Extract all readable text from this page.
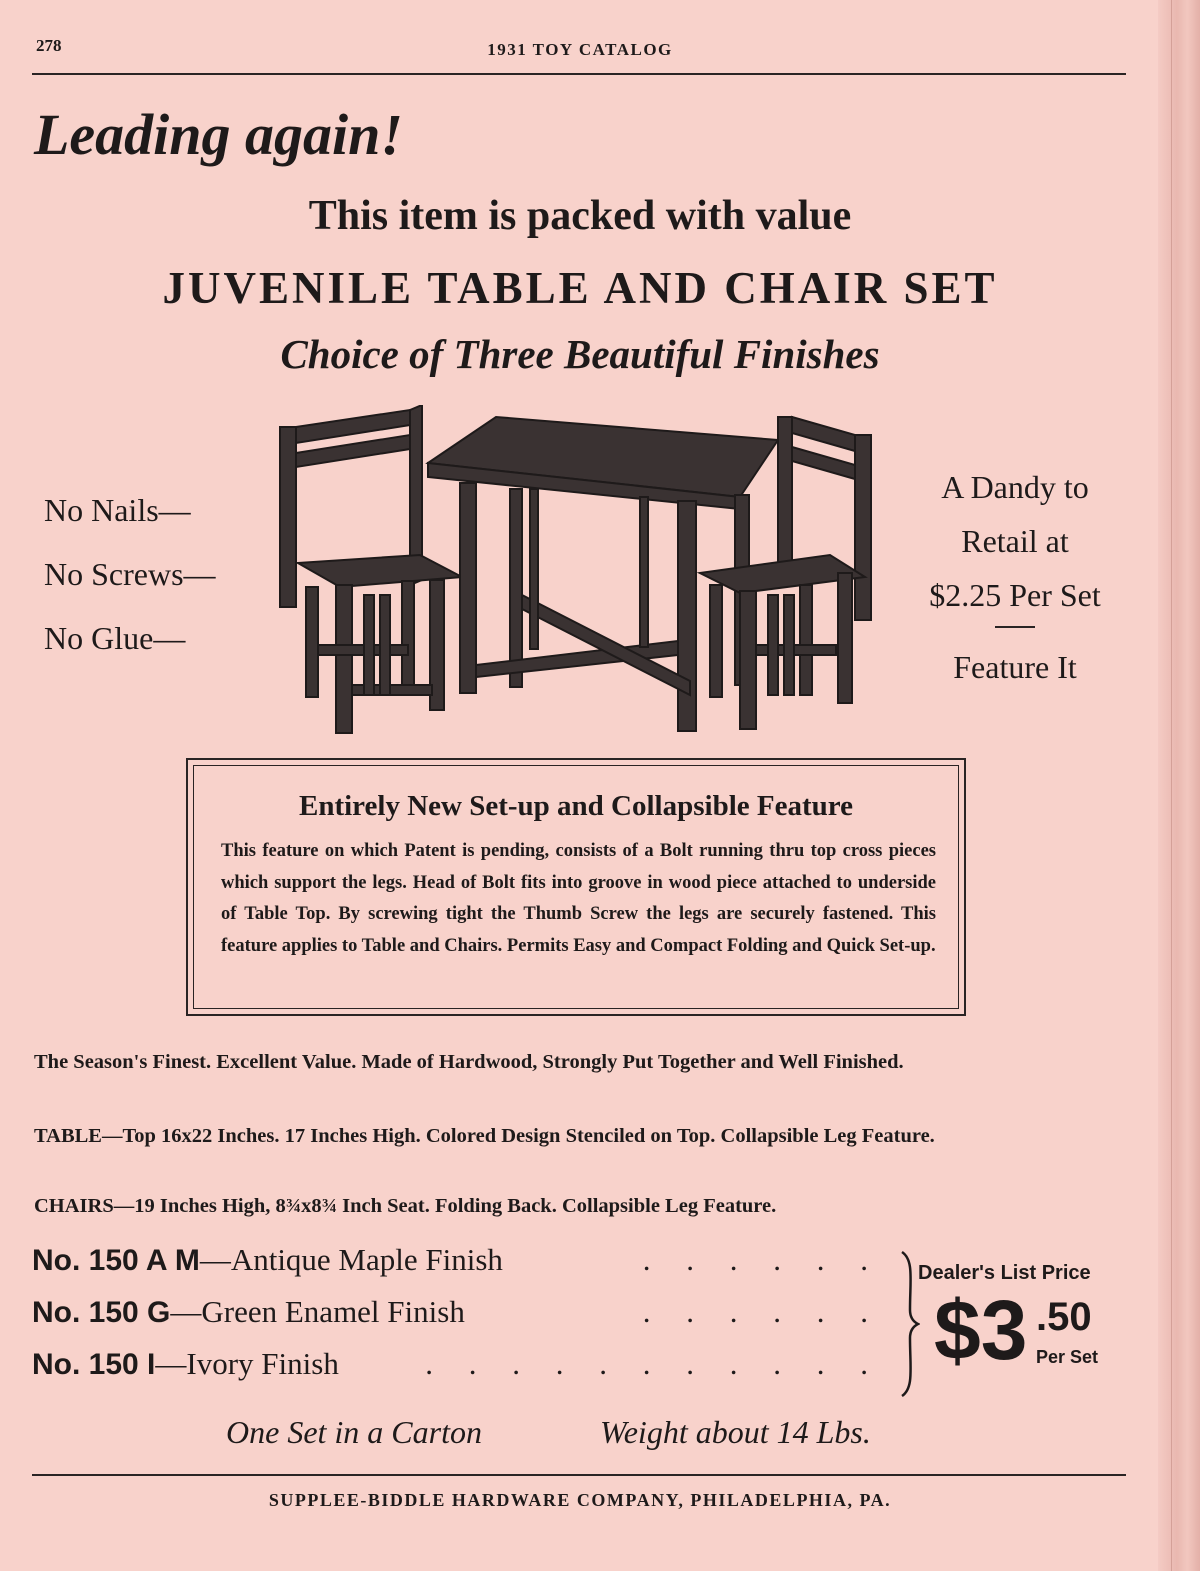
278	1931 TOY CATALOG
Leading again!
This item is packed with value
JUVENILE TABLE AND CHAIR SET
Choice of Three Beautiful Finishes
No Nails—
No Screws—
No Glue—
A Dandy to
Retail at
$2.25 Per Set
Feature It
Entirely New Set-up and Collapsible Feature
This feature on which Patent is pending, consists of a Bolt running thru top cross pieces which support the legs. Head of Bolt fits into groove in wood piece attached to underside of Table Top. By screwing tight the Thumb Screw the legs are securely fastened. This feature applies to Table and Chairs. Permits Easy and Compact Folding and Quick Set-up.
The Season's Finest. Excellent Value. Made of Hardwood, Strongly Put Together and Well Finished.
TABLE—Top 16x22 Inches. 17 Inches High. Colored Design Stenciled on Top. Collapsible Leg Feature.
CHAIRS—19 Inches High, 8¾x8¾ Inch Seat. Folding Back. Collapsible Leg Feature.
No. 150 A M—Antique Maple Finish	. . . . . .
No. 150 G—Green Enamel Finish	. . . . . .
No. 150 I—Ivory Finish	. . . . . . . . . . .
Dealer's List Price
$3 .50
Per Set
One Set in a Carton	Weight about 14 Lbs.
SUPPLEE-BIDDLE HARDWARE COMPANY, PHILADELPHIA, PA.
